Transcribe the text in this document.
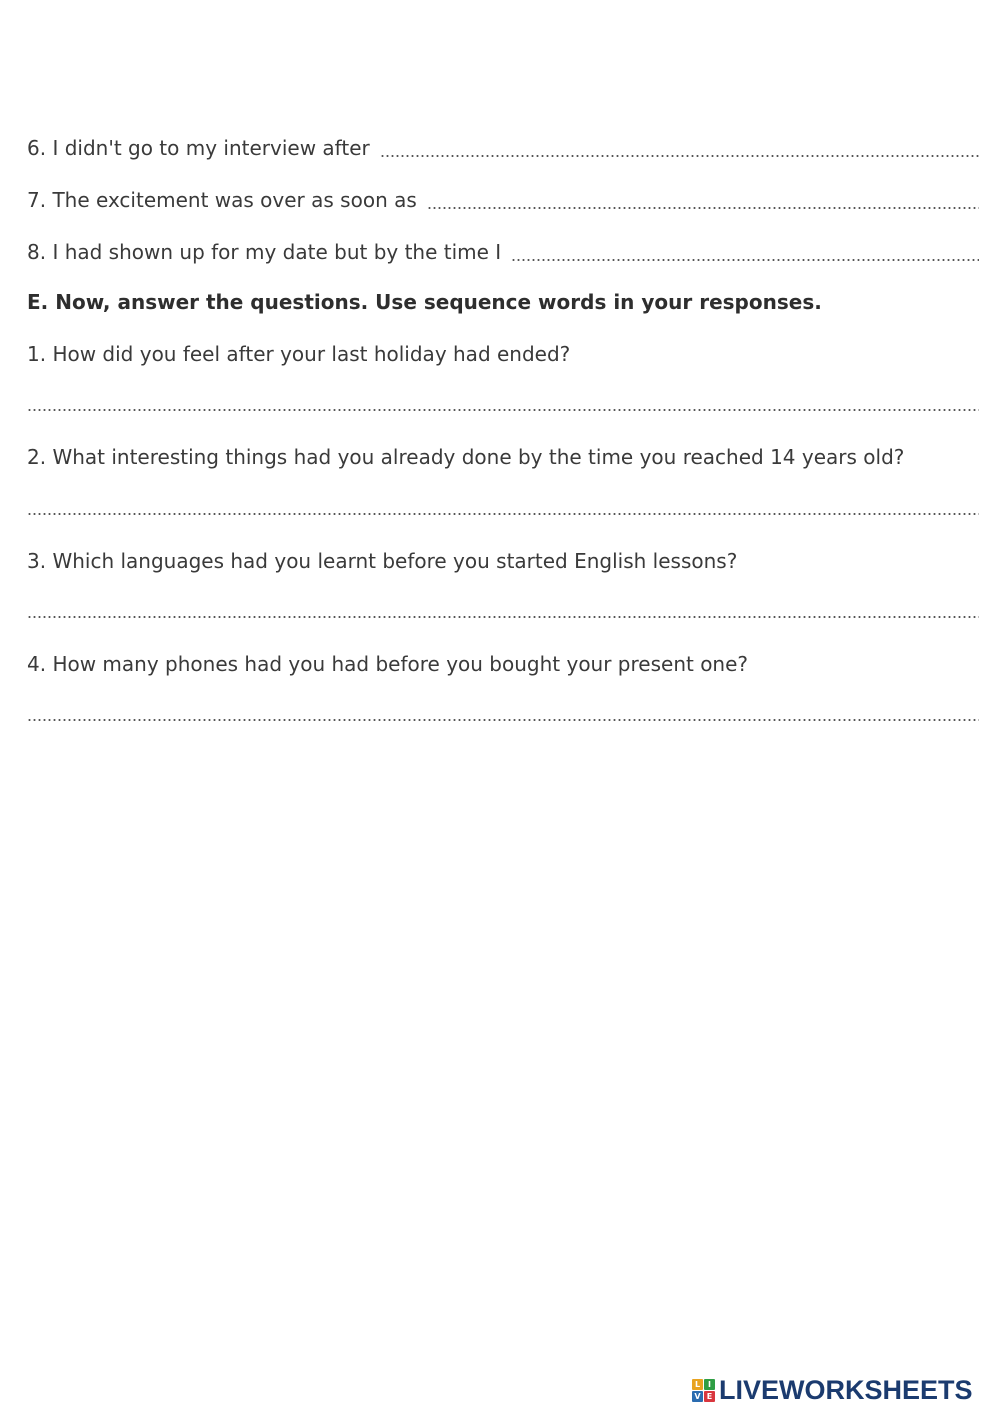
6. I didn't go to my interview after
7. The excitement was over as soon as
8. I had shown up for my date but by the time I
E. Now, answer the questions. Use sequence words in your responses.
1. How did you feel after your last holiday had ended?
2. What interesting things had you already done by the time you reached 14 years old?
3. Which languages had you learnt before you started English lessons?
4. How many phones had you had before you bought your present one?
L I
V E LIVEWORKSHEETS
